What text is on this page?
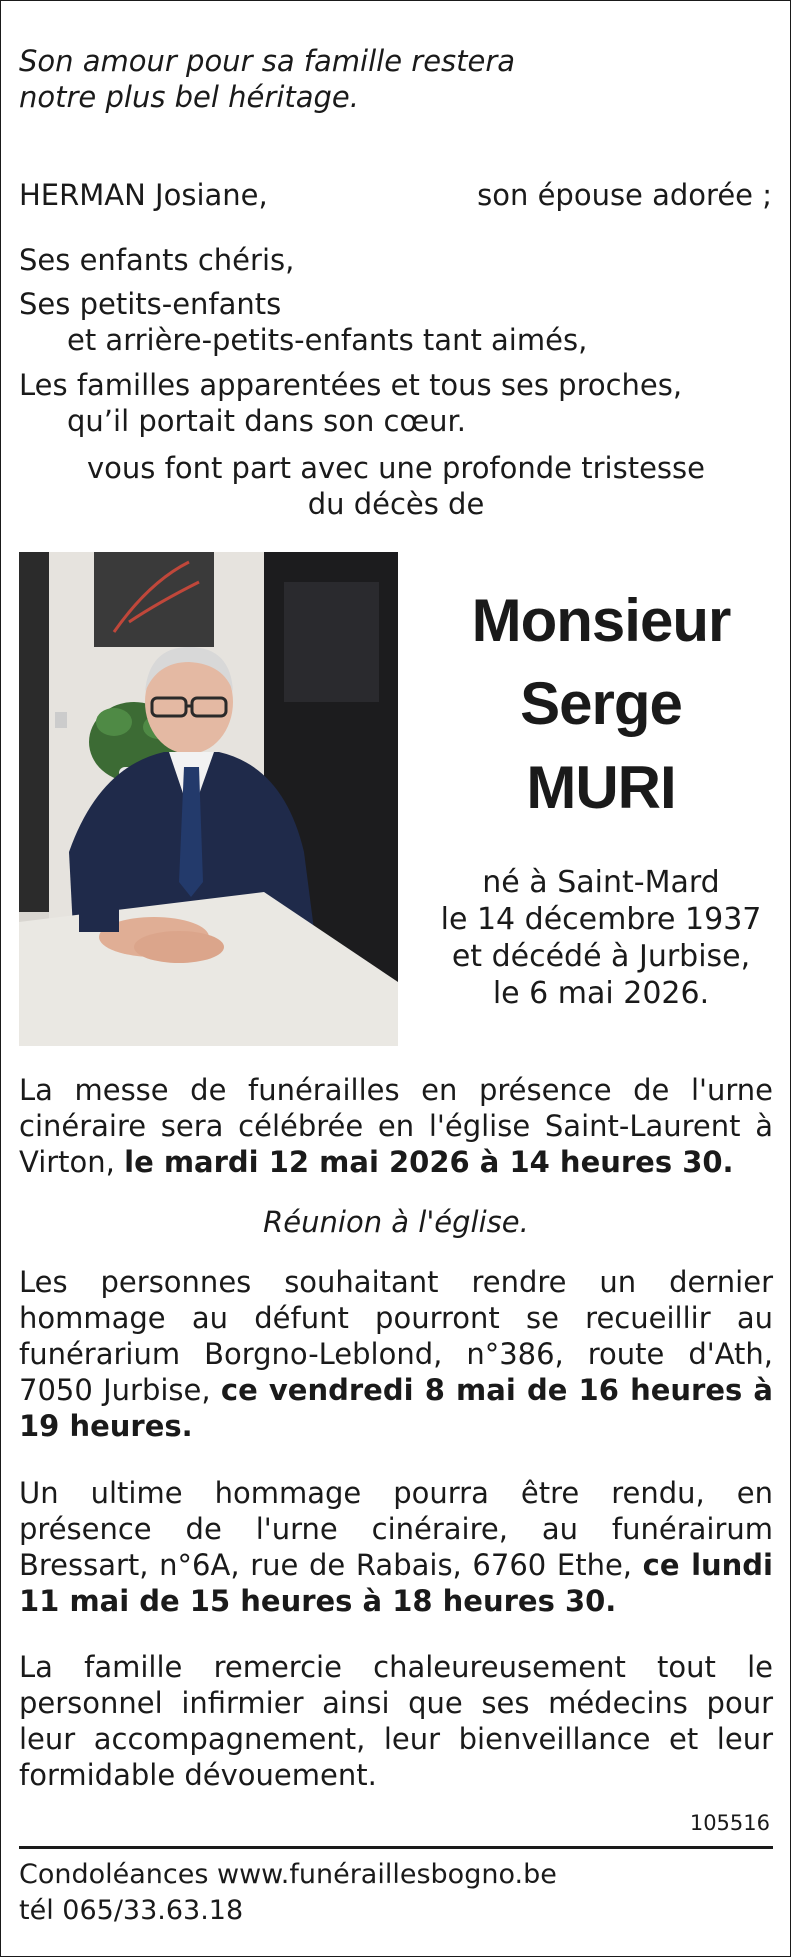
Son amour pour sa famille restera
notre plus bel héritage.
HERMAN Josiane,	son épouse adorée ;
Ses enfants chéris,
Ses petits-enfants
et arrière-petits-enfants tant aimés,
Les familles apparentées et tous ses proches,
qu’il portait dans son cœur.
vous font part avec une profonde tristesse
du décès de
Monsieur
Serge
MURI
né à Saint-Mard
le 14 décembre 1937
et décédé à Jurbise,
le 6 mai 2026.
La messe de funérailles en présence de l'urne cinéraire sera célébrée en l'église Saint-Laurent à Virton, le mardi 12 mai 2026 à 14 heures 30.
Réunion à l'église.
Les personnes souhaitant rendre un dernier hommage au défunt pourront se recueillir au funérarium Borgno-Leblond, n°386, route d'Ath, 7050 Jurbise, ce vendredi 8 mai de 16 heures à 19 heures.
Un ultime hommage pourra être rendu, en présence de l'urne cinéraire, au funérairum Bressart, n°6A, rue de Rabais, 6760 Ethe, ce lundi 11 mai de 15 heures à 18 heures 30.
La famille remercie chaleureusement tout le personnel infirmier ainsi que ses médecins pour leur accompagnement, leur bienveillance et leur formidable dévouement.
105516
Condoléances www.funéraillesbogno.be
tél 065/33.63.18
